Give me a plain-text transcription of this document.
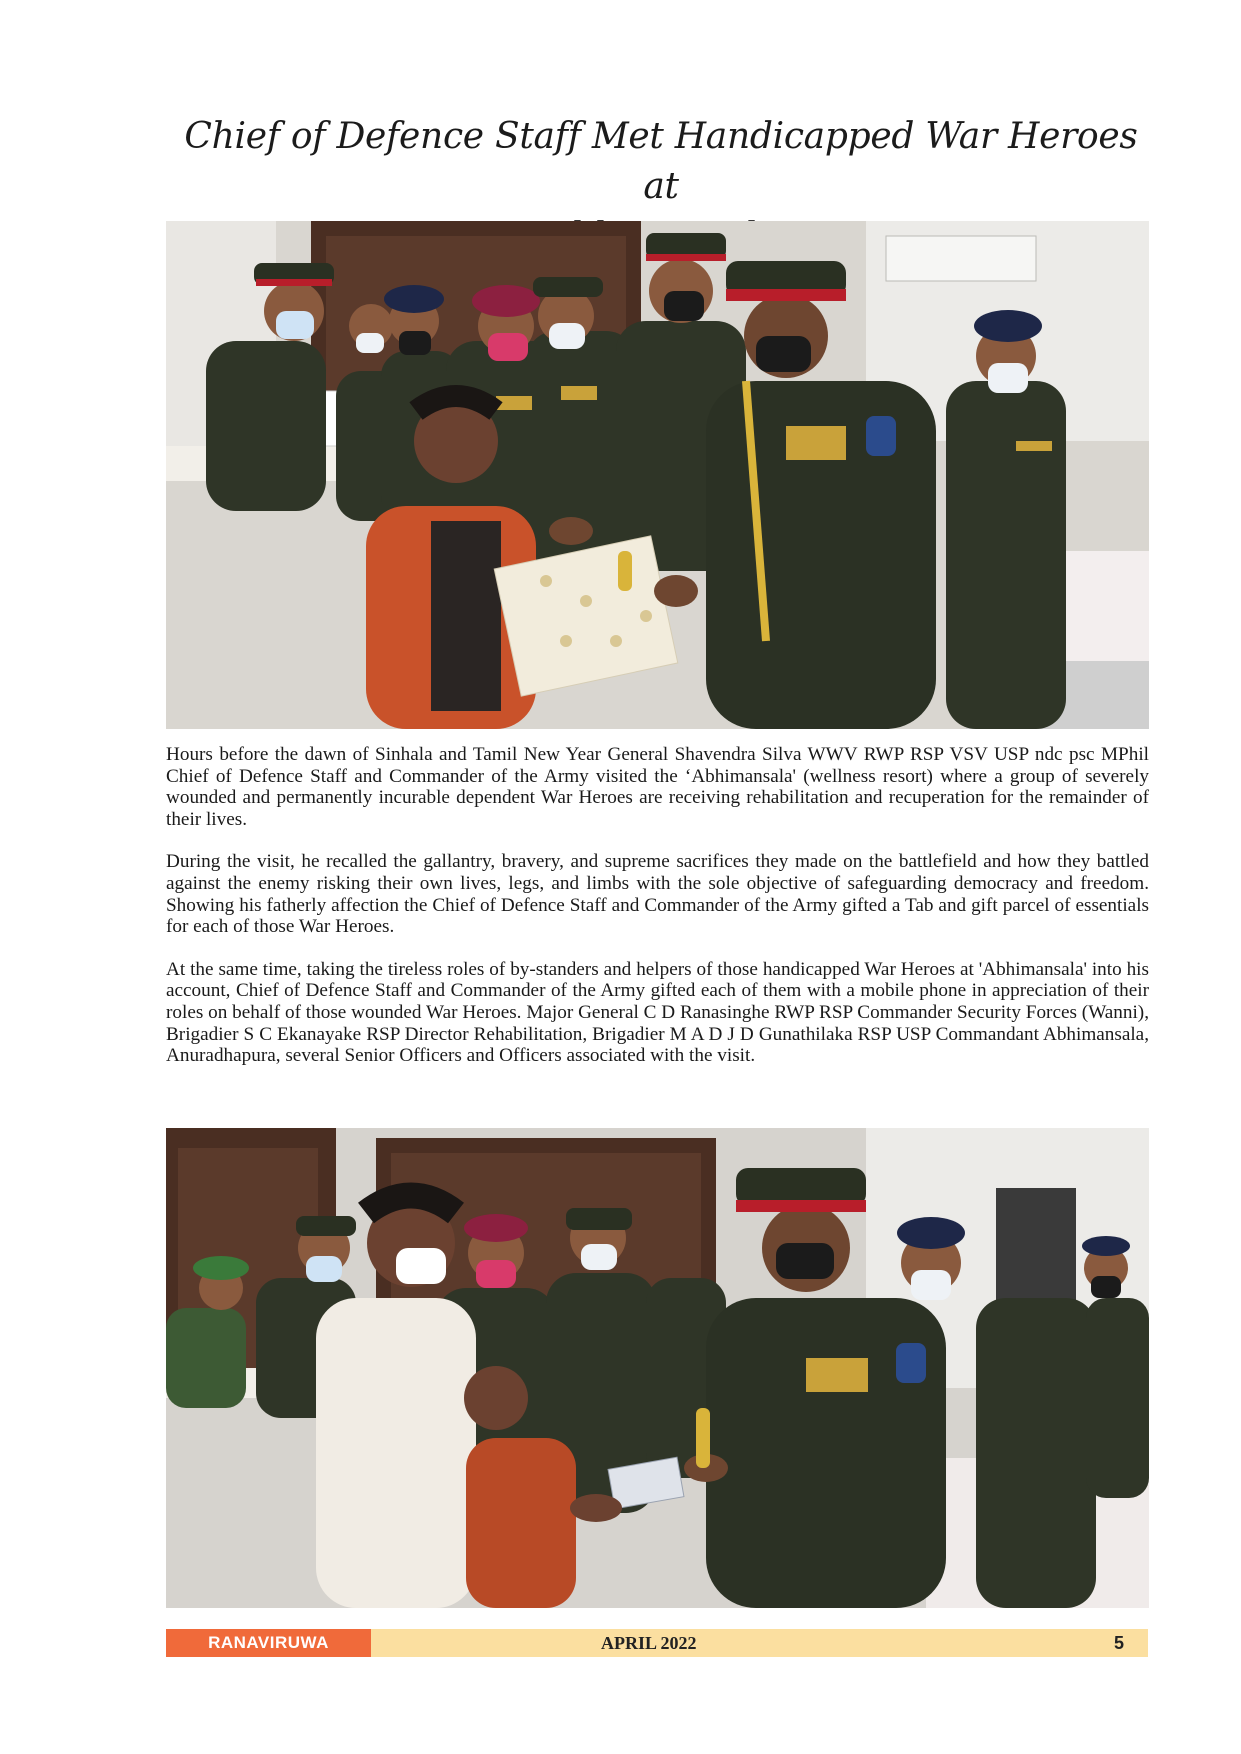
Chief of Defence Staff Met Handicapped War Heroes at

Hours before the dawn of Sinhala and Tamil New Year General Shavendra Silva WWV RWP RSP VSV USP ndc psc MPhil Chief of Defence Staff and Commander of the Army visited the ‘Abhimansala' (wellness resort) where a group of severely wounded and permanently incurable dependent War Heroes are receiving rehabilitation and recuperation for the remainder of their lives.

During the visit, he recalled the gallantry, bravery, and supreme sacrifices they made on the battlefield and how they battled against the enemy risking their own lives, legs, and limbs with the sole objective of safeguarding democracy and freedom. Showing his fatherly affection the Chief of Defence Staff and Commander of the Army gifted a Tab and gift parcel of essentials for each of those War Heroes.

At the same time, taking the tireless roles of by-standers and helpers of those handicapped War Heroes at 'Abhimansala' into his account, Chief of Defence Staff and Commander of the Army gifted each of them with a mobile phone in appreciation of their roles on behalf of those wounded War Heroes. Major General C D Ranasinghe RWP RSP Commander Security Forces (Wanni), Brigadier S C Ekanayake RSP Director Rehabilitation, Brigadier M A D J D Gunathilaka RSP USP Commandant Abhimansala, Anuradhapura, several Senior Officers and Officers associated with the visit.

RANAVIRUWA	APRIL 2022	5
